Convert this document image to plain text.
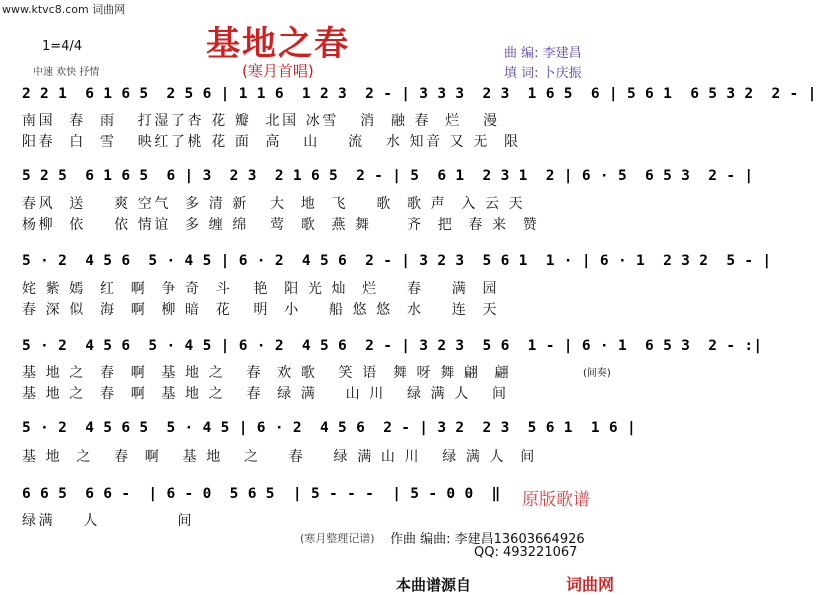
www.ktvc8.com 词曲网
基地之春
(寒月首唱)
1=4/4
中速 欢快 抒情
曲 编: 李建昌
填 词: 卜庆振
2 2 1  6 1 6 5  2 5 6 | 1 1 6  1 2 3  2 - | 3 3 3  2 3  1 6 5  6 | 5 6 1  6 5 3 2  2 - |
南国  春  雨   打湿了杏 花 瓣  北国 冰雪   消  融 春  烂   漫
阳春  白  雪   映红了桃 花 面  高   山    流   水 知音 又 无  限
5 2 5  6 1 6 5  6 | 3  2 3  2 1 6 5  2 - | 5  6 1  2 3 1  2 | 6 · 5  6 5 3  2 - |
春风  送    爽 空气  多 清 新   大  地  飞    歌  歌 声  入 云 天
杨柳  依    依 情谊  多 缠 绵   莺  歌  燕 舞     齐  把  春 来  赞
5 · 2  4 5 6  5 · 4 5 | 6 · 2  4 5 6  2 - | 3 2 3  5 6 1  1 · | 6 · 1  2 3 2  5 - |
姹 紫 嫣  红  啊  争 奇  斗   艳  阳 光 灿  烂    春    满  园
春 深 似  海  啊  柳 暗  花   明  小    船 悠 悠  水    连  天
5 · 2  4 5 6  5 · 4 5 | 6 · 2  4 5 6  2 - | 3 2 3  5 6  1 - | 6 · 1  6 5 3  2 - :|
基 地 之  春  啊  基 地 之   春  欢 歌   笑 语  舞 呀 舞 翩  翩
基 地 之  春  啊  基 地 之   春  绿 满    山 川   绿 满 人   间
(间奏)
5 · 2  4 5 6 5  5 · 4 5 | 6 · 2  4 5 6  2 - | 3 2  2 3  5 6 1  1 6 |
基 地  之   春  啊   基 地   之    春    绿 满 山 川   绿 满 人  间
6 6 5  6 6 -  | 6 - 0  5 6 5  | 5 - - -  | 5 - 0 0  ‖
绿满    人           间
原版歌谱
(寒月整理记谱) 作曲 编曲: 李建昌13603664926
QQ: 493221067
本曲谱源自	词曲网
